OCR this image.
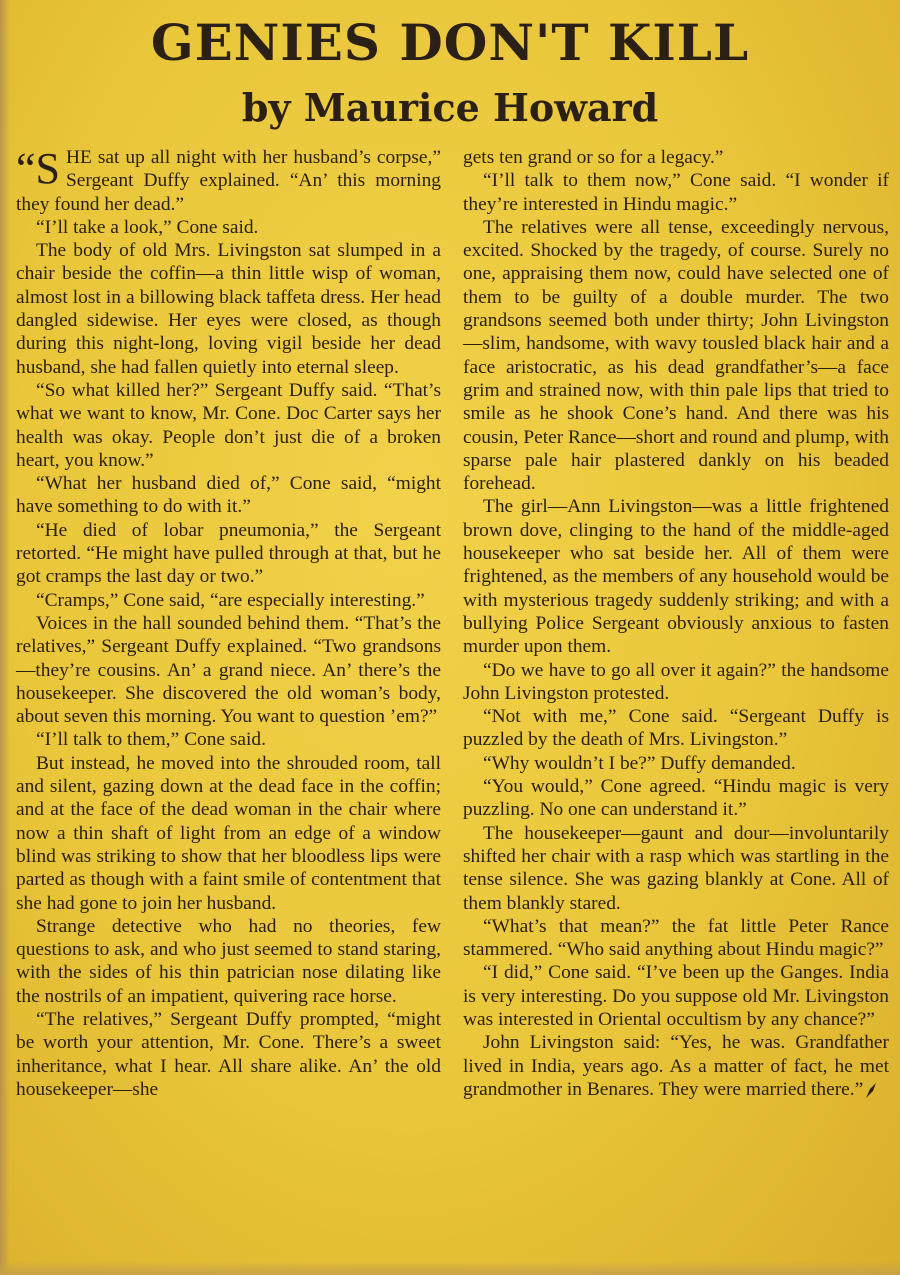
GENIES DON'T KILL
by Maurice Howard

“SHE sat up all night with her husband’s corpse,” Sergeant Duffy explained. “An’ this morning they found her dead.”

“I’ll take a look,” Cone said.

The body of old Mrs. Livingston sat slumped in a chair beside the coffin—a thin little wisp of woman, almost lost in a billowing black taffeta dress. Her head dangled sidewise. Her eyes were closed, as though during this night-long, loving vigil beside her dead husband, she had fallen quietly into eternal sleep.

“So what killed her?” Sergeant Duffy said. “That’s what we want to know, Mr. Cone. Doc Carter says her health was okay. People don’t just die of a broken heart, you know.”

“What her husband died of,” Cone said, “might have something to do with it.”

“He died of lobar pneumonia,” the Sergeant retorted. “He might have pulled through at that, but he got cramps the last day or two.”

“Cramps,” Cone said, “are especially interesting.”

Voices in the hall sounded behind them. “That’s the relatives,” Sergeant Duffy explained. “Two grandsons—they’re cousins. An’ a grand niece. An’ there’s the housekeeper. She discovered the old woman’s body, about seven this morning. You want to question ’em?”

“I’ll talk to them,” Cone said.

But instead, he moved into the shrouded room, tall and silent, gazing down at the dead face in the coffin; and at the face of the dead woman in the chair where now a thin shaft of light from an edge of a window blind was striking to show that her bloodless lips were parted as though with a faint smile of contentment that she had gone to join her husband.

Strange detective who had no theories, few questions to ask, and who just seemed to stand staring, with the sides of his thin patrician nose dilating like the nostrils of an impatient, quivering race horse.

“The relatives,” Sergeant Duffy prompted, “might be worth your attention, Mr. Cone. There’s a sweet inheritance, what I hear. All share alike. An’ the old housekeeper—she

gets ten grand or so for a legacy.”

“I’ll talk to them now,” Cone said. “I wonder if they’re interested in Hindu magic.”

The relatives were all tense, exceedingly nervous, excited. Shocked by the tragedy, of course. Surely no one, appraising them now, could have selected one of them to be guilty of a double murder. The two grandsons seemed both under thirty; John Livingston—slim, handsome, with wavy tousled black hair and a face aristocratic, as his dead grandfather’s—a face grim and strained now, with thin pale lips that tried to smile as he shook Cone’s hand. And there was his cousin, Peter Rance—short and round and plump, with sparse pale hair plastered dankly on his beaded forehead.

The girl—Ann Livingston—was a little frightened brown dove, clinging to the hand of the middle-aged housekeeper who sat beside her. All of them were frightened, as the members of any household would be with mysterious tragedy suddenly striking; and with a bullying Police Sergeant obviously anxious to fasten murder upon them.

“Do we have to go all over it again?” the handsome John Livingston protested.

“Not with me,” Cone said. “Sergeant Duffy is puzzled by the death of Mrs. Livingston.”

“Why wouldn’t I be?” Duffy demanded.

“You would,” Cone agreed. “Hindu magic is very puzzling. No one can understand it.”

The housekeeper—gaunt and dour—involuntarily shifted her chair with a rasp which was startling in the tense silence. She was gazing blankly at Cone. All of them blankly stared.

“What’s that mean?” the fat little Peter Rance stammered. “Who said anything about Hindu magic?”

“I did,” Cone said. “I’ve been up the Ganges. India is very interesting. Do you suppose old Mr. Livingston was interested in Oriental occultism by any chance?”

John Livingston said: “Yes, he was. Grandfather lived in India, years ago. As a matter of fact, he met grandmother in Benares. They were married there.”
